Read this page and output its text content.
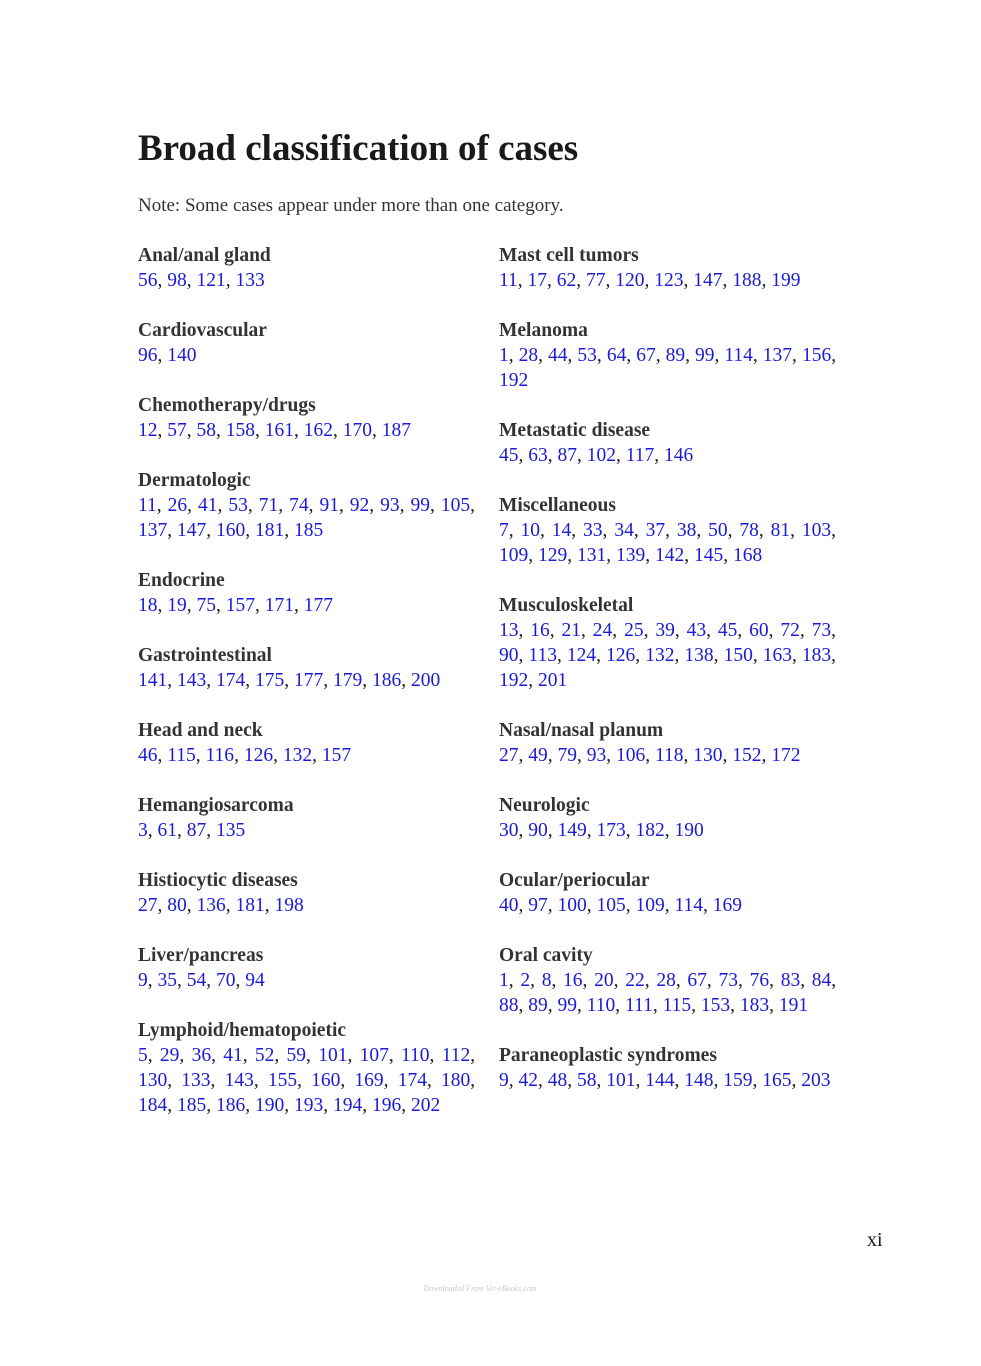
Broad classification of cases
Note: Some cases appear under more than one category.
Anal/anal gland
56, 98, 121, 133
Cardiovascular
96, 140
Chemotherapy/drugs
12, 57, 58, 158, 161, 162, 170, 187
Dermatologic
11, 26, 41, 53, 71, 74, 91, 92, 93, 99, 105, 137, 147, 160, 181, 185
Endocrine
18, 19, 75, 157, 171, 177
Gastrointestinal
141, 143, 174, 175, 177, 179, 186, 200
Head and neck
46, 115, 116, 126, 132, 157
Hemangiosarcoma
3, 61, 87, 135
Histiocytic diseases
27, 80, 136, 181, 198
Liver/pancreas
9, 35, 54, 70, 94
Lymphoid/hematopoietic
5, 29, 36, 41, 52, 59, 101, 107, 110, 112, 130, 133, 143, 155, 160, 169, 174, 180, 184, 185, 186, 190, 193, 194, 196, 202
Mast cell tumors
11, 17, 62, 77, 120, 123, 147, 188, 199
Melanoma
1, 28, 44, 53, 64, 67, 89, 99, 114, 137, 156, 192
Metastatic disease
45, 63, 87, 102, 117, 146
Miscellaneous
7, 10, 14, 33, 34, 37, 38, 50, 78, 81, 103, 109, 129, 131, 139, 142, 145, 168
Musculoskeletal
13, 16, 21, 24, 25, 39, 43, 45, 60, 72, 73, 90, 113, 124, 126, 132, 138, 150, 163, 183, 192, 201
Nasal/nasal planum
27, 49, 79, 93, 106, 118, 130, 152, 172
Neurologic
30, 90, 149, 173, 182, 190
Ocular/periocular
40, 97, 100, 105, 109, 114, 169
Oral cavity
1, 2, 8, 16, 20, 22, 28, 67, 73, 76, 83, 84, 88, 89, 99, 110, 111, 115, 153, 183, 191
Paraneoplastic syndromes
9, 42, 48, 58, 101, 144, 148, 159, 165, 203
xi
Downloaded From Vet-eBooks.com
